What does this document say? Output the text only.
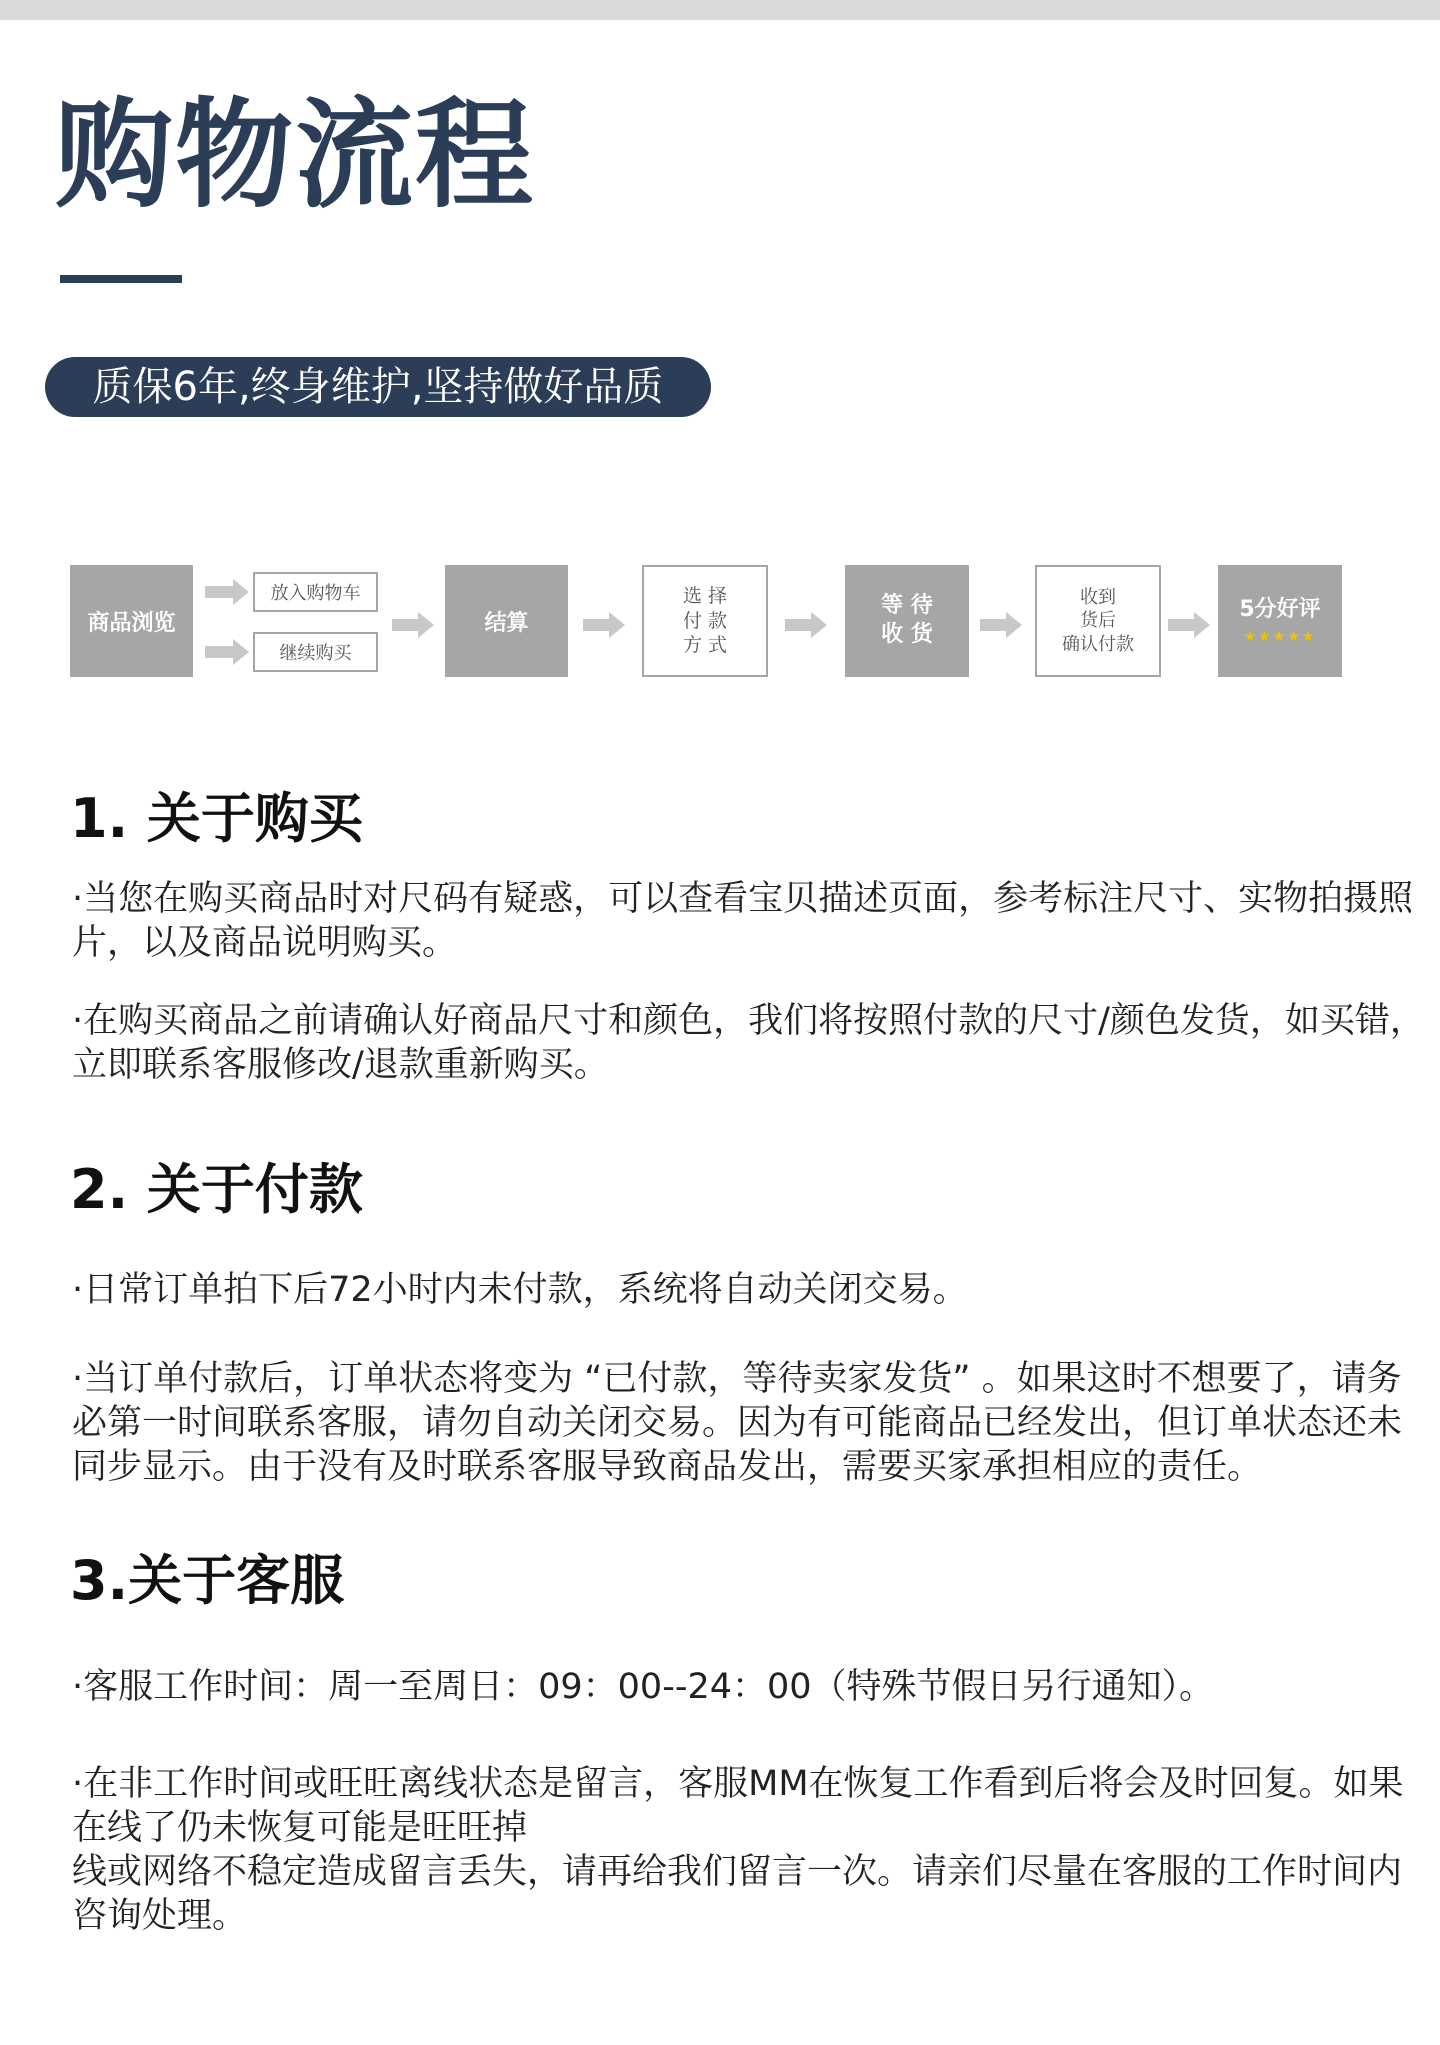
购物流程
质保6年,终身维护,坚持做好品质
商品浏览
放入购物车
继续购买
结算
选 择
付 款
方 式
等 待
收 货
收到
货后
确认付款
5分好评
★★★★★
1. 关于购买

·当您在购买商品时对尺码有疑惑，可以查看宝贝描述页面，参考标注尺寸、实物拍摄照片，以及商品说明购买。

·在购买商品之前请确认好商品尺寸和颜色，我们将按照付款的尺寸/颜色发货，如买错，立即联系客服修改/退款重新购买。

2. 关于付款

·日常订单拍下后72小时内未付款，系统将自动关闭交易。

·当订单付款后，订单状态将变为 “已付款，等待卖家发货” 。如果这时不想要了，请务必第一时间联系客服，请勿自动关闭交易。因为有可能商品已经发出，但订单状态还未同步显示。由于没有及时联系客服导致商品发出，需要买家承担相应的责任。

3.关于客服

·客服工作时间：周一至周日：09：00--24：00（特殊节假日另行通知）。

·在非工作时间或旺旺离线状态是留言，客服MM在恢复工作看到后将会及时回复。如果在线了仍未恢复可能是旺旺掉

线或网络不稳定造成留言丢失，请再给我们留言一次。请亲们尽量在客服的工作时间内咨询处理。
